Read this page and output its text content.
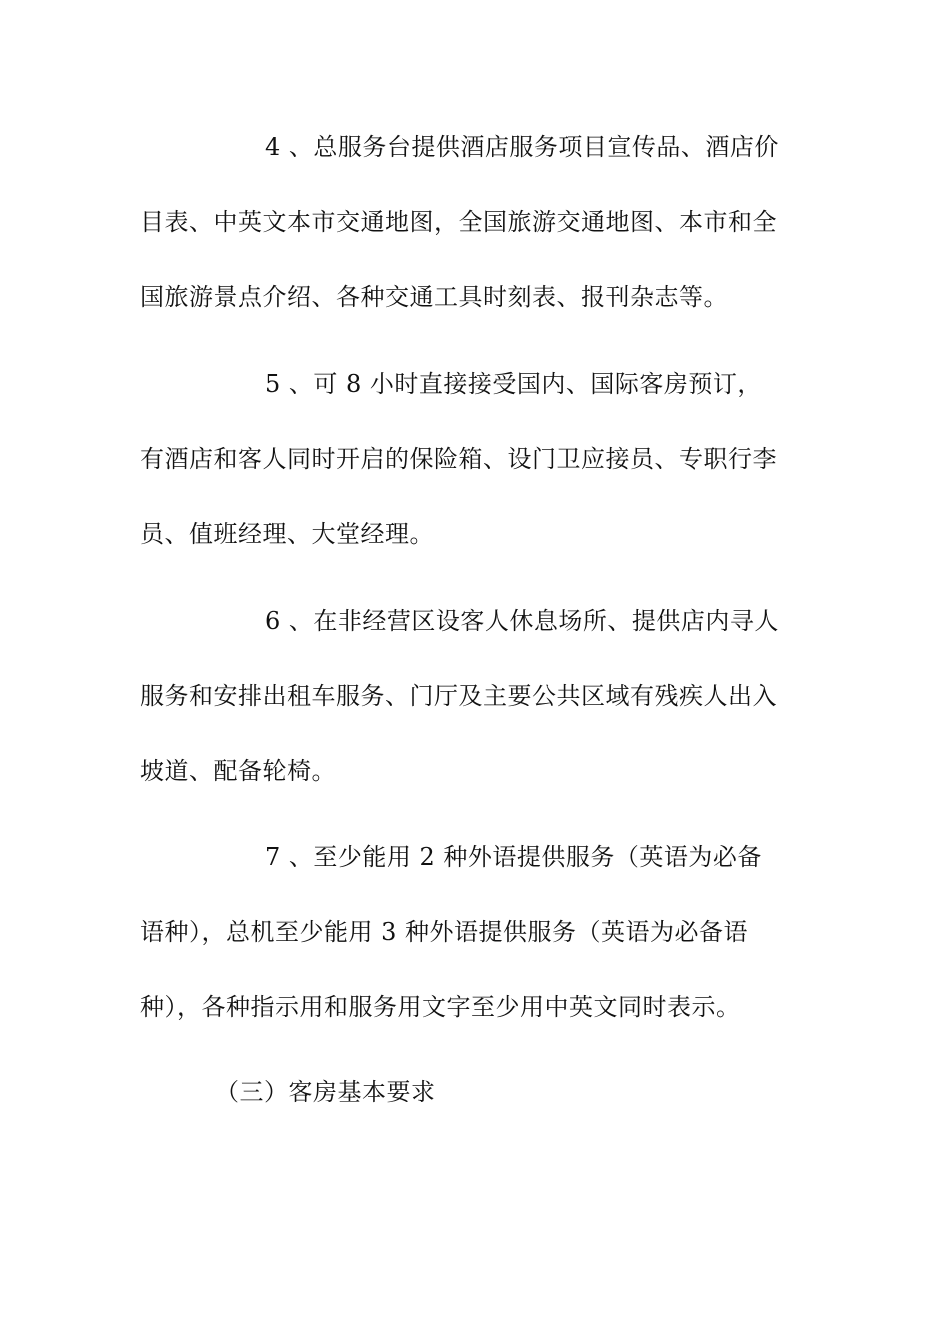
4 、总服务台提供酒店服务项目宣传品、酒店价
目表、中英文本市交通地图，全国旅游交通地图、本市和全
国旅游景点介绍、各种交通工具时刻表、报刊杂志等。
5 、可 8 小时直接接受国内、国际客房预订，
有酒店和客人同时开启的保险箱、设门卫应接员、专职行李
员、值班经理、大堂经理。
6 、在非经营区设客人休息场所、提供店内寻人
服务和安排出租车服务、门厅及主要公共区域有残疾人出入
坡道、配备轮椅。
7 、至少能用 2 种外语提供服务（英语为必备
语种），总机至少能用 3 种外语提供服务（英语为必备语
种），各种指示用和服务用文字至少用中英文同时表示。
（三）客房基本要求
